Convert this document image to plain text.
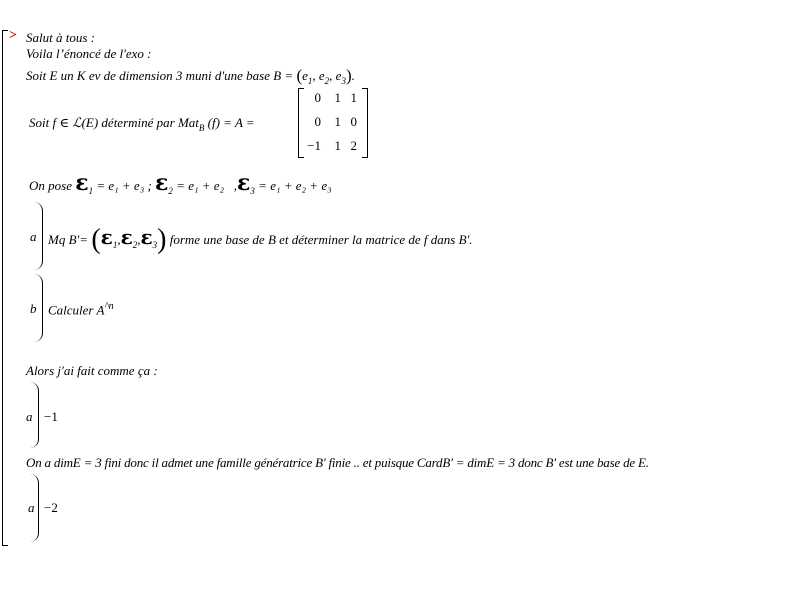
> Salut à tous :
Voila l’énoncé de l'exo :
Soit E un K ev de dimension 3 muni d'une base $B = (e_1$, $e_2$, $e_3$).
Soit f ∈ ℒ(E) déterminé par Mat$_B$ (f) = A =
0	1 1
0	1 0
−1	1 2
On pose $\varepsilon_1 = e_1 + e_3$ ; $\varepsilon_2 = e_1 + e_2$ $,\varepsilon_3 = e_1 + e_2 + e_3$
a Mq $B'= (\varepsilon_1,\varepsilon_2,\varepsilon_3)$ forme une base de B et déterminer la matrice de f dans B'.
b Calculer $A^{\^{}n}$
Alors j'ai fait comme ça :
a −1
On a dimE = 3 fini donc il admet une famille génératrice B' finie .. et puisque CardB' = dimE = 3 donc B' est une base de E.
a −2
